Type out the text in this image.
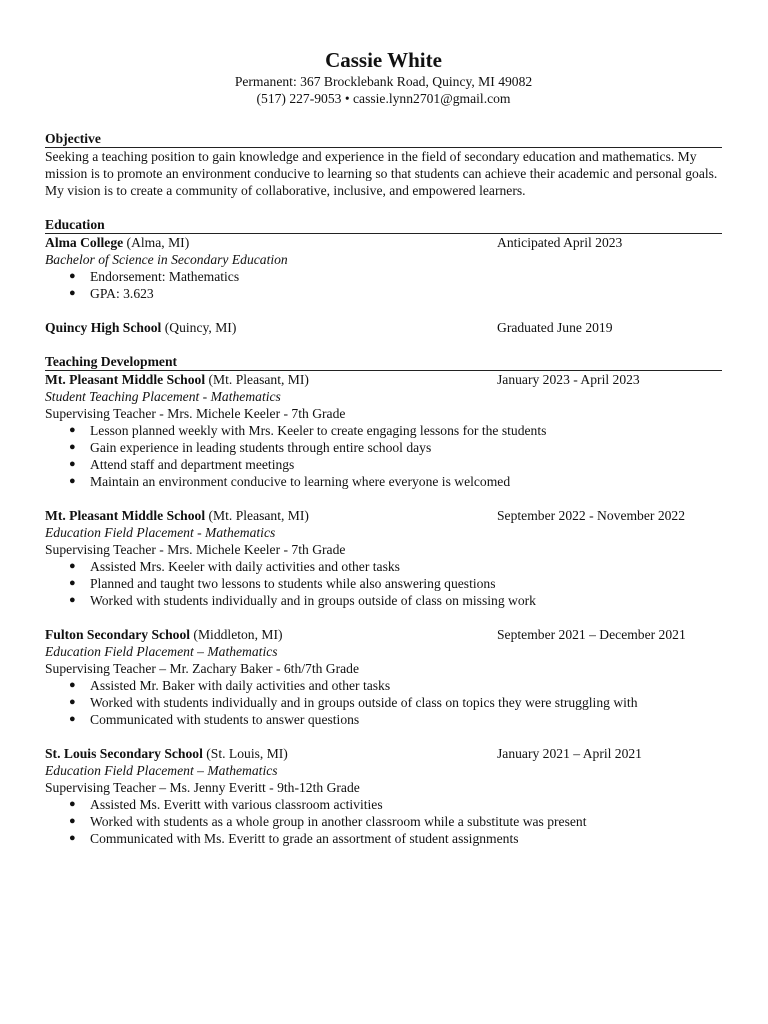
Cassie White

Permanent: 367 Brocklebank Road, Quincy, MI 49082

(517) 227-9053 • cassie.lynn2701@gmail.com

Objective

Seeking a teaching position to gain knowledge and experience in the field of secondary education and mathematics. My mission is to promote an environment conducive to learning so that students can achieve their academic and personal goals. My vision is to create a community of collaborative, inclusive, and empowered learners.

Education

Alma College (Alma, MI)	Anticipated April 2023

Bachelor of Science in Secondary Education

● Endorsement: Mathematics
● GPA: 3.623
Quincy High School (Quincy, MI)	Graduated June 2019

Teaching Development

Mt. Pleasant Middle School (Mt. Pleasant, MI)	January 2023 - April 2023

Student Teaching Placement - Mathematics

Supervising Teacher - Mrs. Michele Keeler - 7th Grade

● Lesson planned weekly with Mrs. Keeler to create engaging lessons for the students
● Gain experience in leading students through entire school days
● Attend staff and department meetings
● Maintain an environment conducive to learning where everyone is welcomed
Mt. Pleasant Middle School (Mt. Pleasant, MI)	September 2022 - November 2022

Education Field Placement - Mathematics

Supervising Teacher - Mrs. Michele Keeler - 7th Grade

● Assisted Mrs. Keeler with daily activities and other tasks
● Planned and taught two lessons to students while also answering questions
● Worked with students individually and in groups outside of class on missing work
Fulton Secondary School (Middleton, MI)	September 2021 – December 2021

Education Field Placement – Mathematics

Supervising Teacher – Mr. Zachary Baker - 6th/7th Grade

● Assisted Mr. Baker with daily activities and other tasks
● Worked with students individually and in groups outside of class on topics they were struggling with
● Communicated with students to answer questions
St. Louis Secondary School (St. Louis, MI)	January 2021 – April 2021

Education Field Placement – Mathematics

Supervising Teacher – Ms. Jenny Everitt - 9th-12th Grade

● Assisted Ms. Everitt with various classroom activities
● Worked with students as a whole group in another classroom while a substitute was present
● Communicated with Ms. Everitt to grade an assortment of student assignments
